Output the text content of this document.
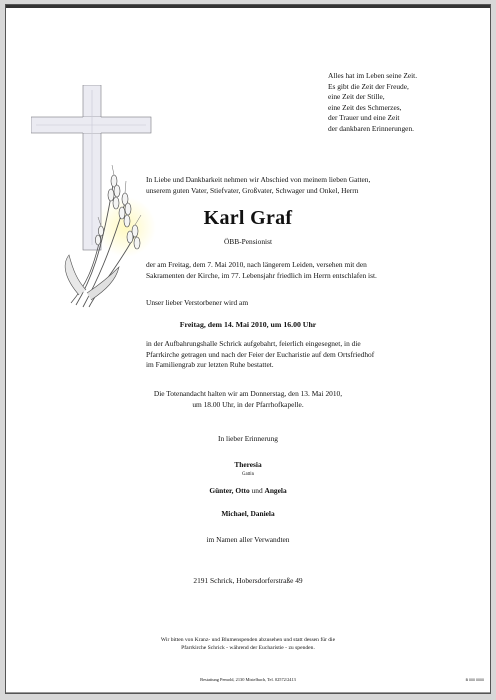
Alles hat im Leben seine Zeit.
Es gibt die Zeit der Freude,
eine Zeit der Stille,
eine Zeit des Schmerzes,
der Trauer und eine Zeit
der dankbaren Erinnerungen.
In Liebe und Dankbarkeit nehmen wir Abschied von meinem lieben Gatten,
unserem guten Vater, Stiefvater, Großvater, Schwager und Onkel, Herrn
Karl Graf
ÖBB-Pensionist
der am Freitag, dem 7. Mai 2010, nach längerem Leiden, versehen mit den
Sakramenten der Kirche, im 77. Lebensjahr friedlich im Herrn entschlafen ist.
Unser lieber Verstorbener wird am
Freitag, dem 14. Mai 2010, um 16.00 Uhr
in der Aufbahrungshalle Schrick aufgebahrt, feierlich eingesegnet, in die
Pfarrkirche getragen und nach der Feier der Eucharistie auf dem Ortsfriedhof
im Familiengrab zur letzten Ruhe bestattet.
Die Totenandacht halten wir am Donnerstag, den 13. Mai 2010,
um 18.00 Uhr, in der Pfarrhofkapelle.
In lieber Erinnerung
Theresia
Gattin
Günter, Otto und Angela
Michael, Daniela
im Namen aller Verwandten
2191 Schrick, Hobersdorferstraße 49
Wir bitten von Kranz- und Blumenspenden abzusehen und statt dessen für die
Pfarrkirche Schrick - während der Eucharistie - zu spenden.
Bestattung Pemold, 2130 Mistelbach, Tel. 02572/2413	B 000 0000
